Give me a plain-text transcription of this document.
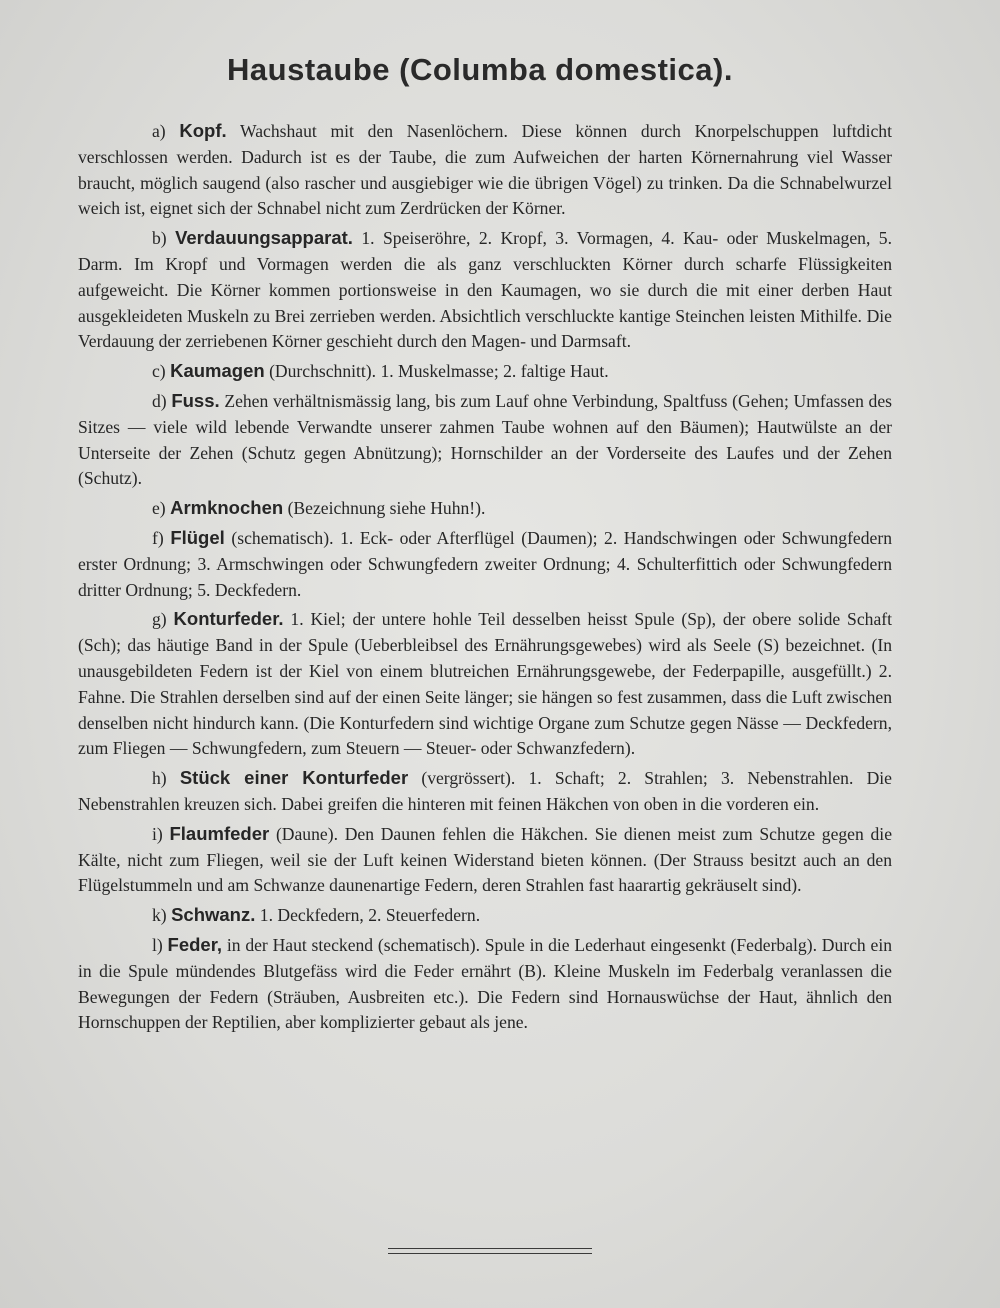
Haustaube (Columba domestica).

a) Kopf. Wachshaut mit den Nasenlöchern. Diese können durch Knorpelschuppen luftdicht verschlossen werden. Dadurch ist es der Taube, die zum Aufweichen der harten Körnernahrung viel Wasser braucht, möglich saugend (also rascher und ausgiebiger wie die übrigen Vögel) zu trinken. Da die Schnabelwurzel weich ist, eignet sich der Schnabel nicht zum Zerdrücken der Körner.

b) Verdauungsapparat. 1. Speiseröhre, 2. Kropf, 3. Vormagen, 4. Kau- oder Muskelmagen, 5. Darm. Im Kropf und Vormagen werden die als ganz verschluckten Körner durch scharfe Flüssigkeiten aufgeweicht. Die Körner kommen portionsweise in den Kaumagen, wo sie durch die mit einer derben Haut ausgekleideten Muskeln zu Brei zerrieben werden. Absichtlich verschluckte kantige Steinchen leisten Mithilfe. Die Verdauung der zerriebenen Körner geschieht durch den Magen- und Darmsaft.

c) Kaumagen (Durchschnitt). 1. Muskelmasse; 2. faltige Haut.

d) Fuss. Zehen verhältnismässig lang, bis zum Lauf ohne Verbindung, Spaltfuss (Gehen; Umfassen des Sitzes — viele wild lebende Verwandte unserer zahmen Taube wohnen auf den Bäumen); Hautwülste an der Unterseite der Zehen (Schutz gegen Abnützung); Hornschilder an der Vorderseite des Laufes und der Zehen (Schutz).

e) Armknochen (Bezeichnung siehe Huhn!).

f) Flügel (schematisch). 1. Eck- oder Afterflügel (Daumen); 2. Handschwingen oder Schwungfedern erster Ordnung; 3. Armschwingen oder Schwungfedern zweiter Ordnung; 4. Schulterfittich oder Schwungfedern dritter Ordnung; 5. Deckfedern.

g) Konturfeder. 1. Kiel; der untere hohle Teil desselben heisst Spule (Sp), der obere solide Schaft (Sch); das häutige Band in der Spule (Ueberbleibsel des Ernährungsgewebes) wird als Seele (S) bezeichnet. (In unausgebildeten Federn ist der Kiel von einem blutreichen Ernährungsgewebe, der Federpapille, ausgefüllt.) 2. Fahne. Die Strahlen derselben sind auf der einen Seite länger; sie hängen so fest zusammen, dass die Luft zwischen denselben nicht hindurch kann. (Die Konturfedern sind wichtige Organe zum Schutze gegen Nässe — Deckfedern, zum Fliegen — Schwungfedern, zum Steuern — Steuer- oder Schwanzfedern).

h) Stück einer Konturfeder (vergrössert). 1. Schaft; 2. Strahlen; 3. Nebenstrahlen. Die Nebenstrahlen kreuzen sich. Dabei greifen die hinteren mit feinen Häkchen von oben in die vorderen ein.

i) Flaumfeder (Daune). Den Daunen fehlen die Häkchen. Sie dienen meist zum Schutze gegen die Kälte, nicht zum Fliegen, weil sie der Luft keinen Widerstand bieten können. (Der Strauss besitzt auch an den Flügelstummeln und am Schwanze daunenartige Federn, deren Strahlen fast haarartig gekräuselt sind).

k) Schwanz. 1. Deckfedern, 2. Steuerfedern.

l) Feder, in der Haut steckend (schematisch). Spule in die Lederhaut eingesenkt (Federbalg). Durch ein in die Spule mündendes Blutgefäss wird die Feder ernährt (B). Kleine Muskeln im Federbalg veranlassen die Bewegungen der Federn (Sträuben, Ausbreiten etc.). Die Federn sind Hornauswüchse der Haut, ähnlich den Hornschuppen der Reptilien, aber komplizierter gebaut als jene.
